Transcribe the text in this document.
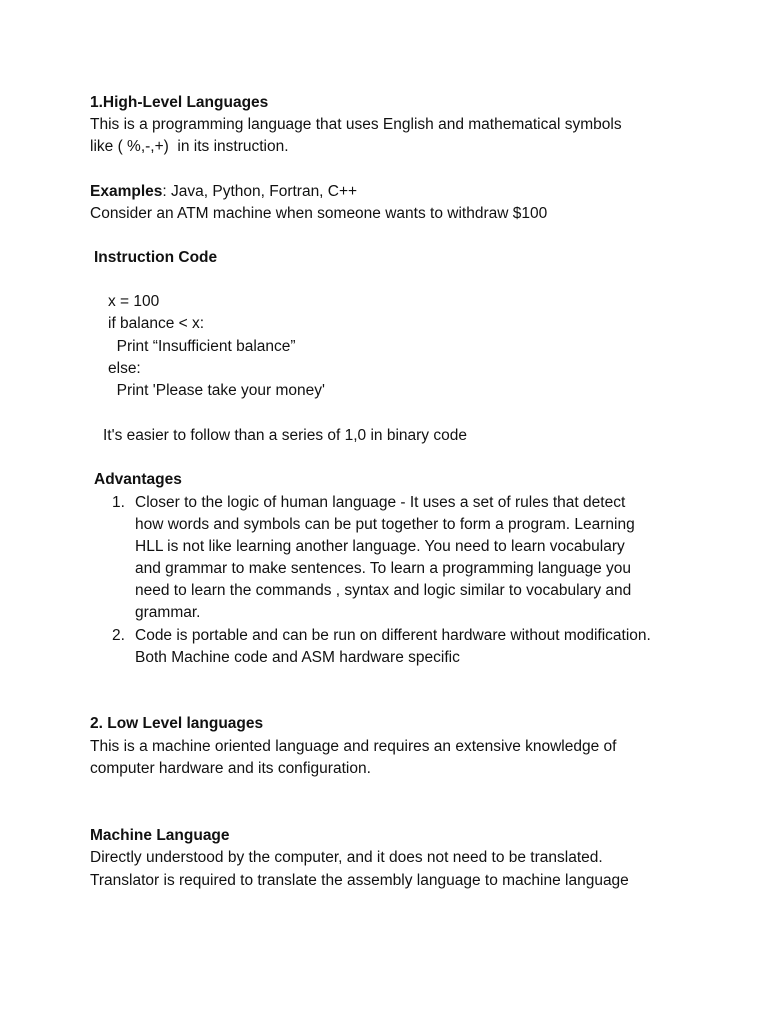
1.High-Level Languages
This is a programming language that uses English and mathematical symbols
like ( %,-,+)  in its instruction.
Examples: Java, Python, Fortran, C++
Consider an ATM machine when someone wants to withdraw $100
Instruction Code
x = 100
if balance < x:
Print “Insufficient balance”
else:
Print 'Please take your money'
It's easier to follow than a series of 1,0 in binary code
Advantages
1. Closer to the logic of human language - It uses a set of rules that detect
how words and symbols can be put together to form a program. Learning
HLL is not like learning another language. You need to learn vocabulary
and grammar to make sentences. To learn a programming language you
need to learn the commands , syntax and logic similar to vocabulary and
grammar.
2. Code is portable and can be run on different hardware without modification.
Both Machine code and ASM hardware specific
2. Low Level languages
This is a machine oriented language and requires an extensive knowledge of
computer hardware and its configuration.
Machine Language
Directly understood by the computer, and it does not need to be translated.
Translator is required to translate the assembly language to machine language
